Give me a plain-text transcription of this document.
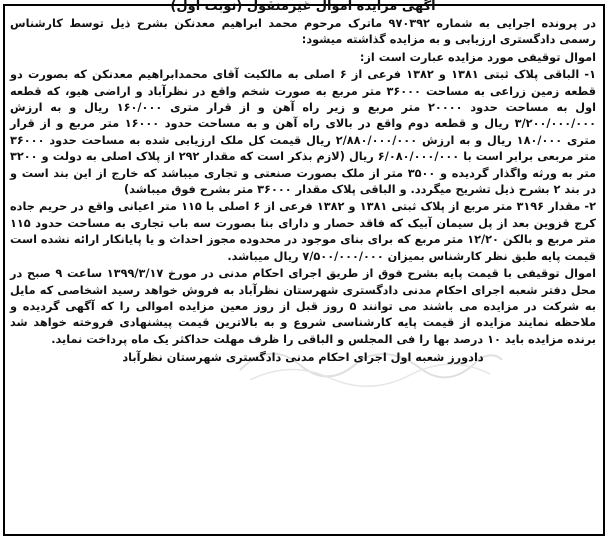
آگهی مزایده اموال غیرمنقول (نوبت اول)
در پرونده اجرایی به شماره ۹۷۰۳۹۲ ماترک مرحوم محمد ابراهیم معدنکن بشرح ذیل توسط کارشناس رسمی دادگستری ارزیابی و به مزایده گذاشته میشود:
اموال توقیفی مورد مزایده عبارت است از:
۱- الباقی پلاک ثبتی ۱۳۸۱ و ۱۳۸۲ فرعی از ۶ اصلی به مالکیت آقای محمدابراهیم معدنکن که بصورت دو قطعه زمین زراعی به مساحت ۳۶۰۰۰ متر مربع به صورت شخم واقع در نظرآباد و اراضی هیو، که قطعه اول به مساحت حدود ۲۰۰۰۰ متر مربع و زیر راه آهن و از قرار متری ۱۶۰/۰۰۰ ریال و به ارزش ۳/۲۰۰/۰۰۰/۰۰۰ ریال و قطعه دوم واقع در بالای راه آهن و به مساحت حدود ۱۶۰۰۰ متر مربع و از قرار متری ۱۸۰/۰۰۰ ریال و به ارزش ۲/۸۸۰/۰۰۰/۰۰۰ ریال قیمت کل ملک ارزیابی شده به مساحت حدود ۳۶۰۰۰ متر مربعی برابر است با ۶/۰۸۰/۰۰۰/۰۰۰ ریال (لازم بذکر است که مقدار ۲۹۲ از پلاک اصلی به دولت و ۳۲۰۰ متر به ورثه واگذار گردیده و ۳۵۰۰ متر از ملک بصورت صنعتی و تجاری میباشد که خارج از این بند است و در بند ۲ بشرح ذیل تشریح میگردد. و الباقی پلاک مقدار ۳۶۰۰۰ متر بشرح فوق میباشد)
۲- مقدار ۳۱۹۶ متر مربع از پلاک ثبتی ۱۳۸۱ و ۱۳۸۲ فرعی از ۶ اصلی با ۱۱۵ متر اعیانی واقع در حریم جاده کرج قزوین بعد از پل سیمان آبیک که فاقد حصار و دارای بنا بصورت سه باب تجاری به مساحت حدود ۱۱۵ متر مربع و بالکن ۱۲/۲۰ متر مربع که برای بنای موجود در محدوده مجوز احداث و یا پایانکار ارائه نشده است قیمت پایه طبق نظر کارشناس بمیزان ۷/۵۰۰/۰۰۰/۰۰۰ ریال میباشد.
اموال توقیفی با قیمت پایه بشرح فوق از طریق اجرای احکام مدنی در مورخ ۱۳۹۹/۳/۱۷ ساعت ۹ صبح در محل دفتر شعبه اجرای احکام مدنی دادگستری شهرستان نظرآباد به فروش خواهد رسید اشخاصی که مایل به شرکت در مزایده می باشند می توانند ۵ روز قبل از روز معین مزایده اموالی را که آگهی گردیده و ملاحظه نمایند مزایده از قیمت پایه کارشناسی شروع و به بالاترین قیمت پیشنهادی فروخته خواهد شد برنده مزایده باید ۱۰ درصد بها را فی المجلس و الباقی را ظرف مهلت حداکثر یک ماه پرداخت نماید.
دادورز شعبه اول اجرای احکام مدنی دادگستری شهرستان نظرآباد
